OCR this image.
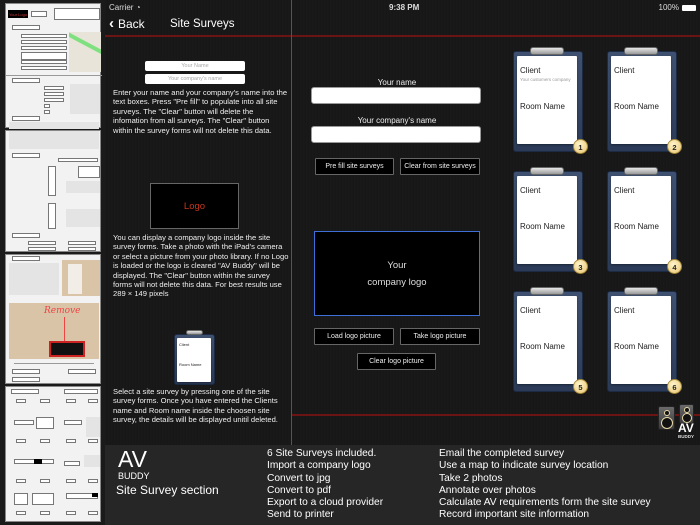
Your Logo
Remove
Carrier ◔	9:38 PM	100%
‹ Back Site Surveys
Your Name
Your company's name
Enter your name and your company's name into the text boxes. Press "Pre fill" to populate into all site surveys. The "Clear" button will delete the infomation from all surveys. The "Clear" button within the survey forms will not delete this data.
Logo
You can display a company logo inside the site survey forms. Take a photo with the iPad's camera or select a picture from your photo library. If no Logo is loaded or the logo is cleared "AV Buddy" will be displayed. The "Clear" button within the survey forms will not delete this data. For best results use 289 × 149 pixels
Client
Room Name
Select a site survey by pressing one of the site survey forms. Once you have entered the Clients name and Room name inside the choosen site survey, the details will be displayed unitil deleted.
Your name
Your company's name
Pre fill site surveys	Clear from site surveys
Your
company logo
Load logo picture	Take logo picture
Clear logo picture
Client
Your customers company
Room Name
1
Client
Room Name
2
Client
Room Name
3
Client
Room Name
4
Client
Room Name
5
Client
Room Name
6
AV
BUDDY
AV
BUDDY
Site Survey section
6 Site Surveys included.
Import a company logo
Convert to jpg
Convert to pdf
Export to a cloud provider
Send to printer
Email the completed survey
Use a map to indicate survey location
Take 2 photos
Annotate over photos
Calculate AV requirements form the site survey
Record important site information
